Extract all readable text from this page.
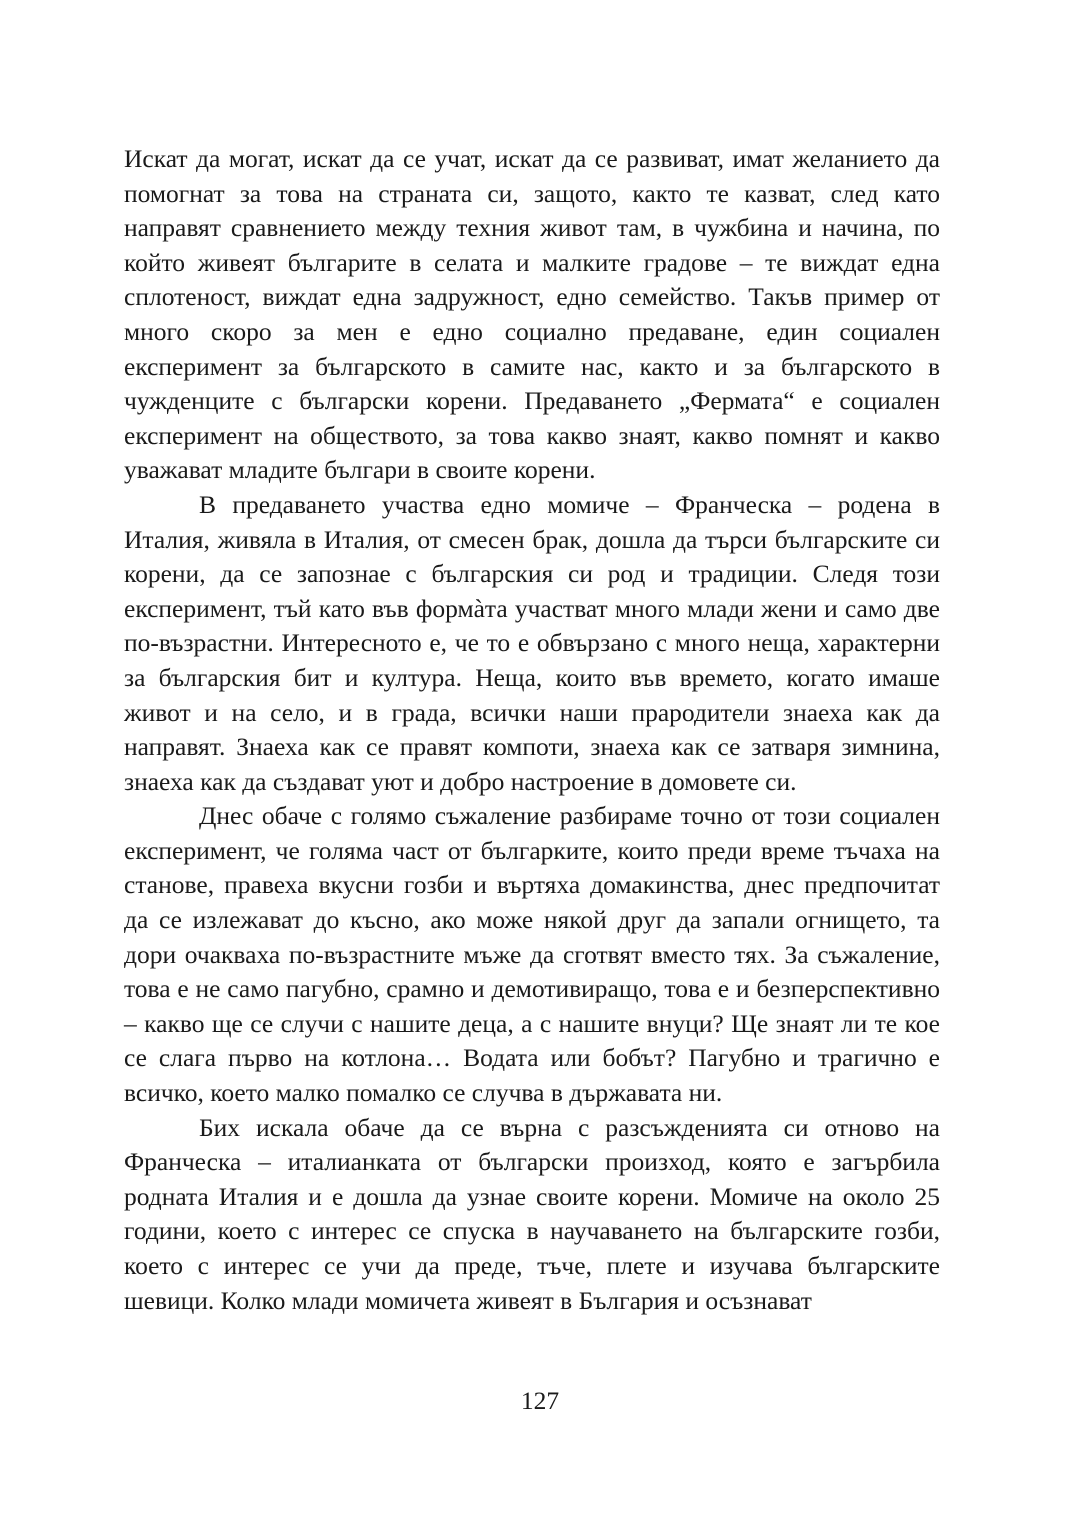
Искат да могат, искат да се учат, искат да се развиват, имат желанието да помогнат за това на страната си, защото, както те казват, след като направят сравнението между техния живот там, в чужбина и начина, по който живеят българите в селата и малките градове – те виждат една сплотеност, виждат една задружност, едно семейство. Такъв пример от много скоро за мен е едно социално предаване, един социален експеримент за българското в самите нас, както и за българското в чужденците с български корени. Предаването „Фермата“ е социален експеримент на обществото, за това какво знаят, какво помнят и какво уважават младите българи в своите корени.

В предаването участва едно момиче – Франческа – родена в Италия, живяла в Италия, от смесен брак, дошла да търси българските си корени, да се запознае с българския си род и традиции. Следя този експеримент, тъй като във формàта участват много млади жени и само две по-възрастни. Интересното е, че то е обвързано с много неща, характерни за българския бит и култура. Неща, които във времето, когато имаше живот и на село, и в града, всички наши прародители знаеха как да направят. Знаеха как се правят компоти, знаеха как се затваря зимнина, знаеха как да създават уют и добро настроение в домовете си.

Днес обаче с голямо съжаление разбираме точно от този социален експеримент, че голяма част от българките, които преди време тъчаха на станове, правеха вкусни гозби и въртяха домакинства, днес предпочитат да се излежават до късно, ако може някой друг да запали огнището, та дори очакваха по-възрастните мъже да сготвят вместо тях. За съжаление, това е не само пагубно, срамно и демотивиращо, това е и безперспективно – какво ще се случи с нашите деца, а с нашите внуци? Ще знаят ли те кое се слага първо на котлона… Водата или бобът? Пагубно и трагично е всичко, което малко помалко се случва в държавата ни.

Бих искала обаче да се върна с разсъжденията си отново на Франческа – италианката от български произход, която е загърбила родната Италия и е дошла да узнае своите корени. Момиче на около 25 години, което с интерес се спуска в научаването на българските гозби, което с интерес се учи да преде, тъче, плете и изучава българските шевици. Колко млади момичета живеят в България и осъзнават

127
